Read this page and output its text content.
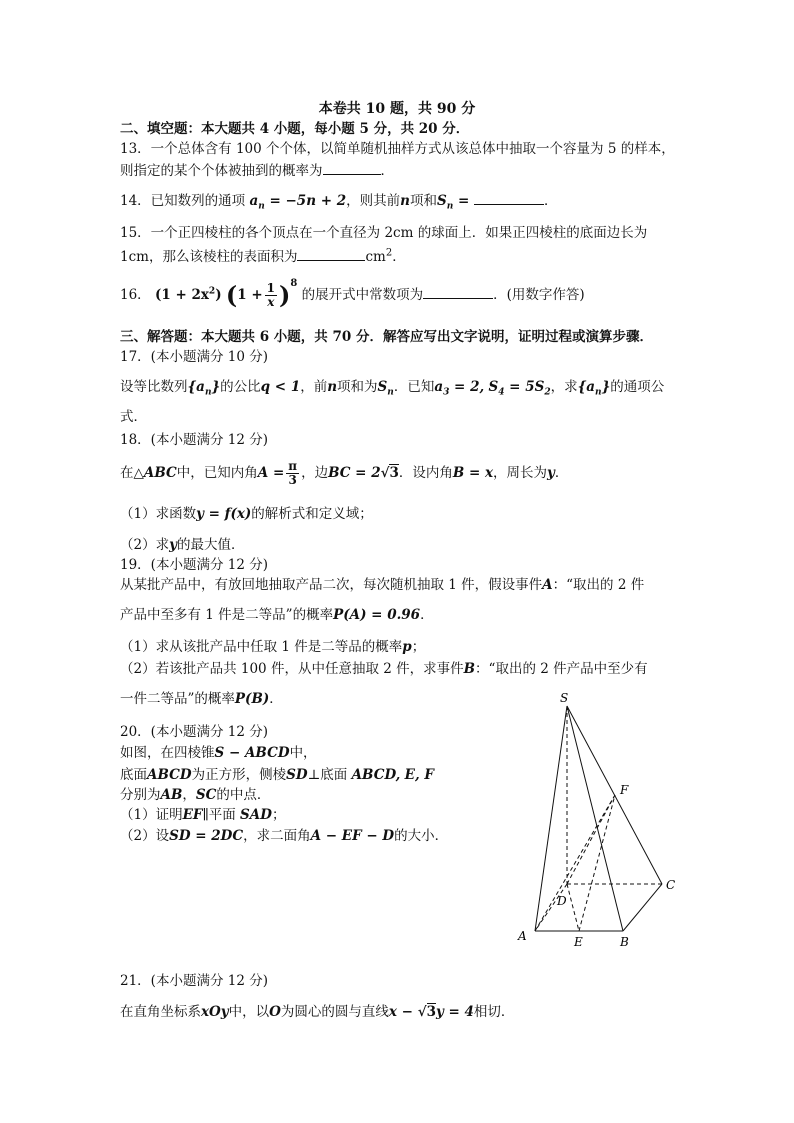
本卷共 10 题，共 90 分
二、填空题：本大题共 4 小题，每小题 5 分，共 20 分．
13．一个总体含有 100 个个体，以简单随机抽样方式从该总体中抽取一个容量为 5 的样本，
则指定的某个个体被抽到的概率为	．
14．已知数列的通项 $a_n = -5n + 2$，则其前n项和$S_n$ =	．
15．一个正四棱柱的各个顶点在一个直径为 2cm 的球面上．如果正四棱柱的底面边长为
1cm，那么该棱柱的表面积为	$cm^2$．
16． $(1 + 2x^2)$ $(1 + \frac{1}{x} )^8$ 的展开式中常数项为	．(用数字作答)
三、解答题：本大题共 6 小题，共 70 分．解答应写出文字说明，证明过程或演算步骤．
17．(本小题满分 10 分)
设等比数列$\{a_n\}$的公比q < 1，前n项和为$S_n$．已知$a_3 = 2$, $S_4 = 5S_2$，求$\{a_n\}$的通项公
式．
18．(本小题满分 12 分)
在△ABC中，已知内角$A = \frac{\pi}{3}$ ，边BC = 2√3．设内角B = x，周长为y．
（1）求函数y = f(x)的解析式和定义域；
（2）求y的最大值．
19．(本小题满分 12 分)
从某批产品中，有放回地抽取产品二次，每次随机抽取 1 件，假设事件A：“取出的 2 件
产品中至多有 1 件是二等品”的概率P(A) = 0.96．
（1）求从该批产品中任取 1 件是二等品的概率p；
（2）若该批产品共 100 件，从中任意抽取 2 件，求事件B：“取出的 2 件产品中至少有
一件二等品”的概率P(B)．
20．(本小题满分 12 分)
如图，在四棱锥S − ABCD中，
底面ABCD为正方形，侧棱SD⊥底面 ABCD, E, F
分别为AB，SC的中点．
（1）证明EF∥平面 SAD；
（2）设SD = 2DC，求二面角A − EF − D的大小．
S
F
C
D
A	E	B
21．(本小题满分 12 分)
在直角坐标系xOy中，以O为圆心的圆与直线x − √3y = 4相切．
